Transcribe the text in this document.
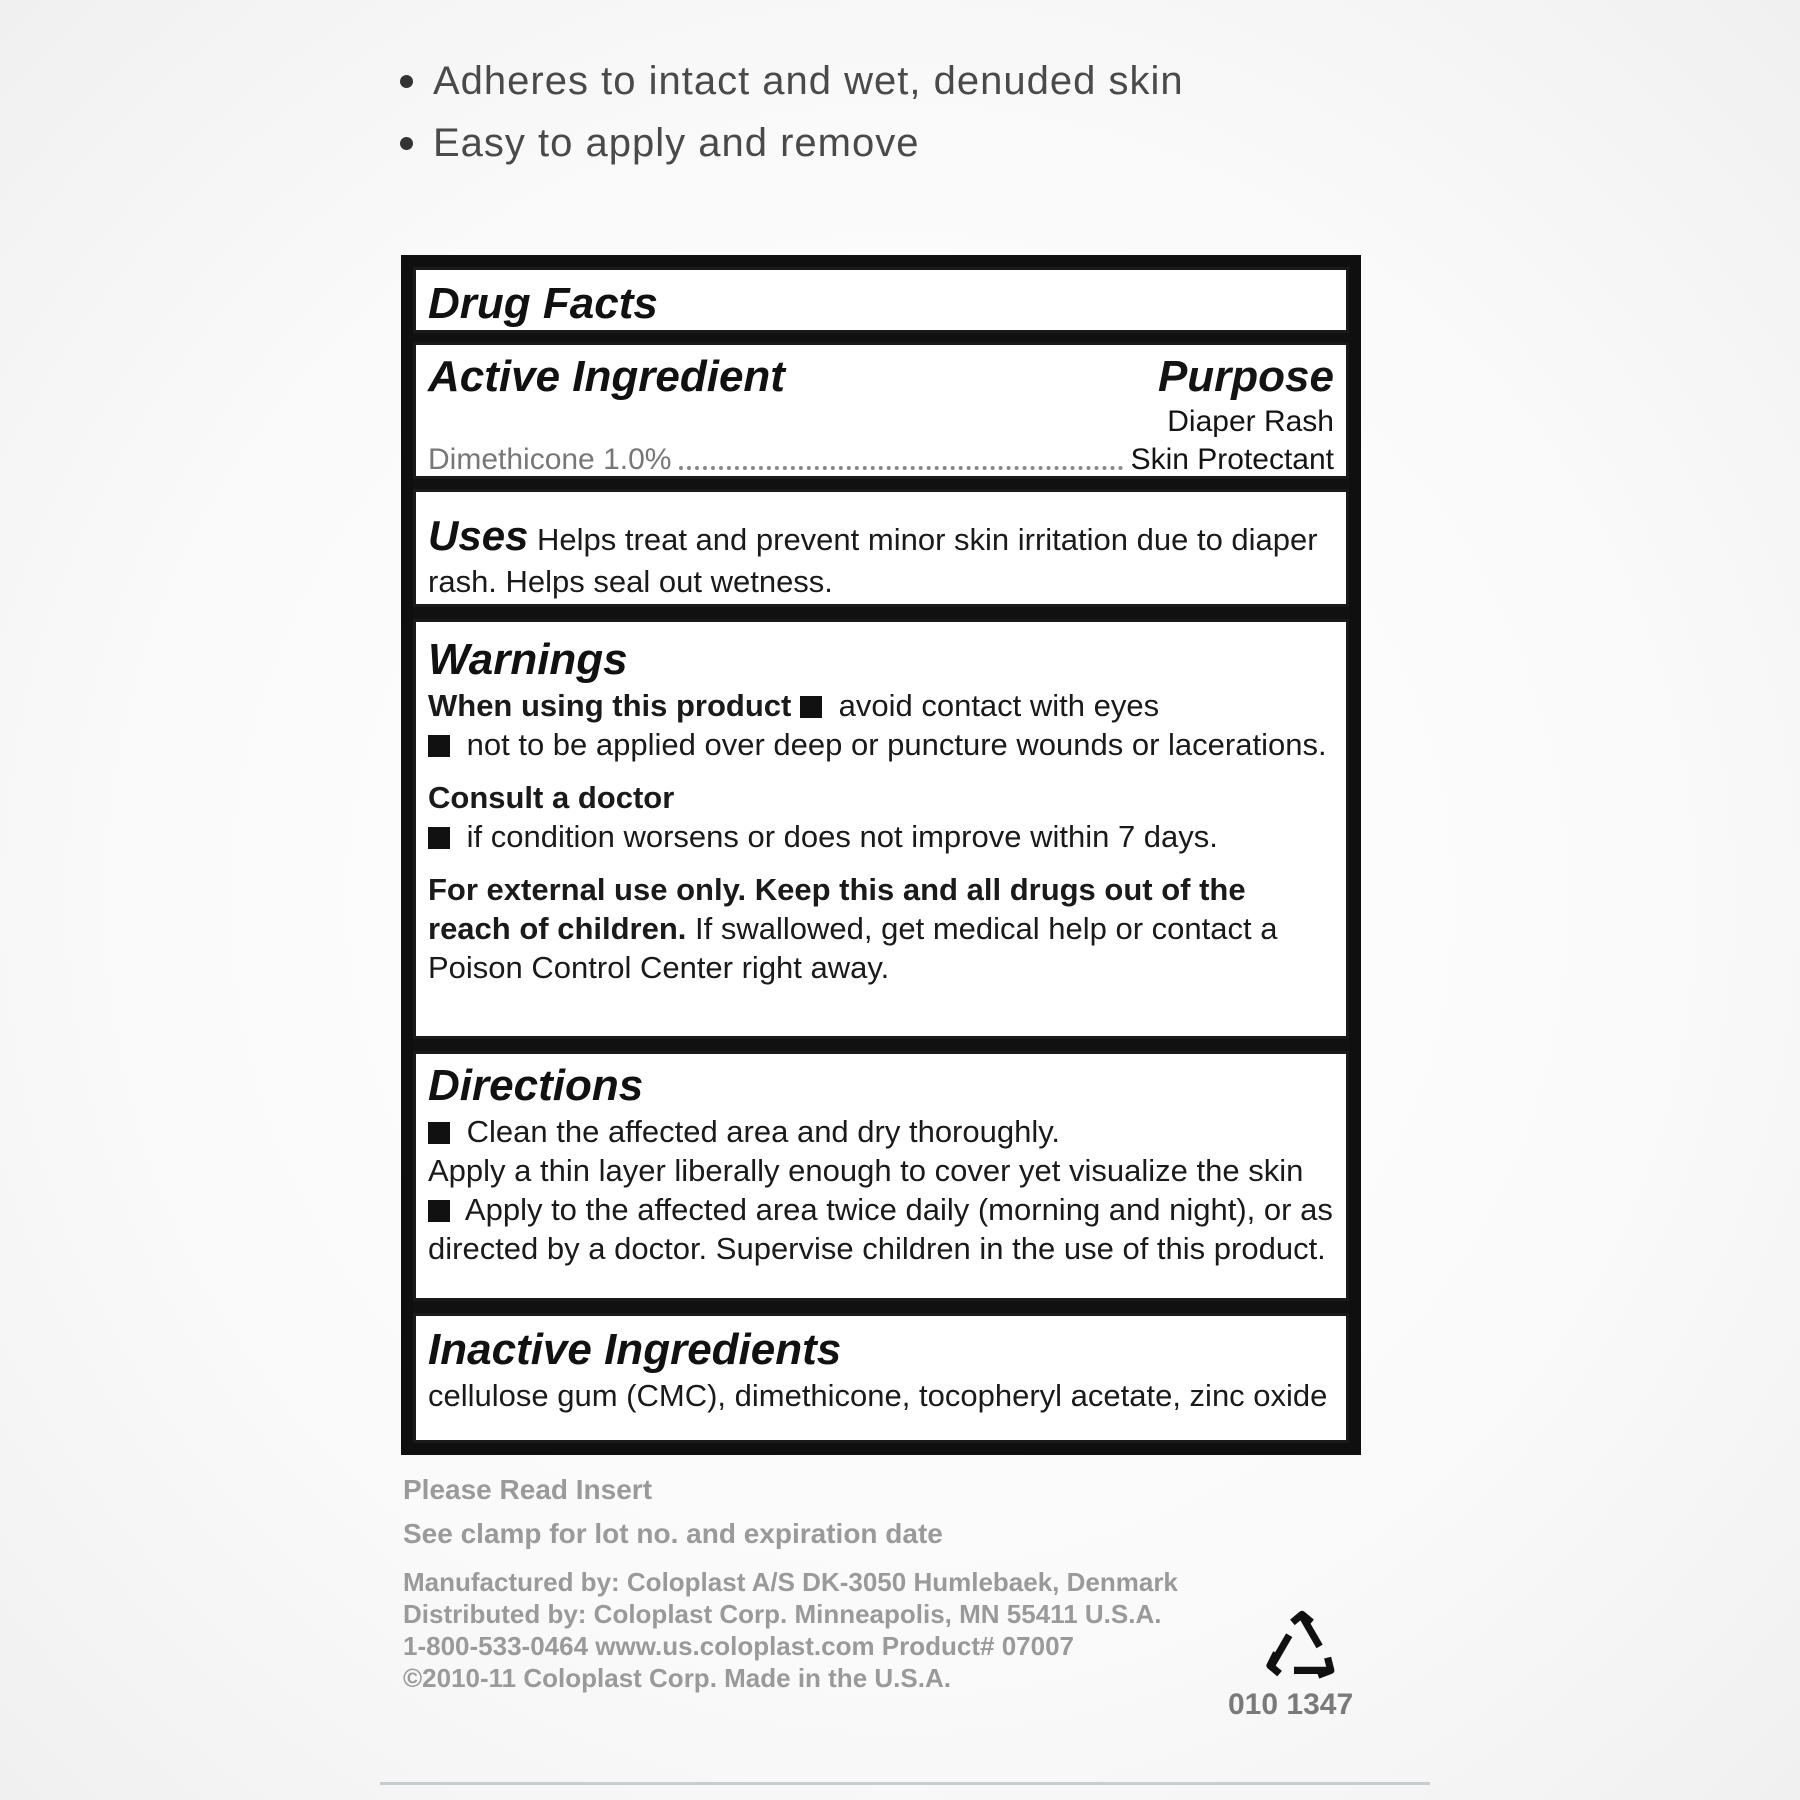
Adheres to intact and wet, denuded skin
Easy to apply and remove
Drug Facts
Active Ingredient	Purpose
Diaper Rash
Dimethicone 1.0%	Skin Protectant
Uses Helps treat and prevent minor skin irritation due to diaper rash. Helps seal out wetness.
Warnings
When using this product avoid contact with eyes
not to be applied over deep or puncture wounds or lacerations.
Consult a doctor
if condition worsens or does not improve within 7 days.
For external use only. Keep this and all drugs out of the reach of children. If swallowed, get medical help or contact a Poison Control Center right away.
Directions
Clean the affected area and dry thoroughly.
Apply a thin layer liberally enough to cover yet visualize the skin  Apply to the affected area twice daily (morning and night), or as directed by a doctor. Supervise children in the use of this product.
Inactive Ingredients
cellulose gum (CMC), dimethicone, tocopheryl acetate, zinc oxide
Please Read Insert
See clamp for lot no. and expiration date
Manufactured by: Coloplast A/S DK-3050 Humlebaek, Denmark
Distributed by: Coloplast Corp. Minneapolis, MN 55411 U.S.A.
1-800-533-0464 www.us.coloplast.com Product# 07007
©2010-11 Coloplast Corp. Made in the U.S.A.
010 1347
